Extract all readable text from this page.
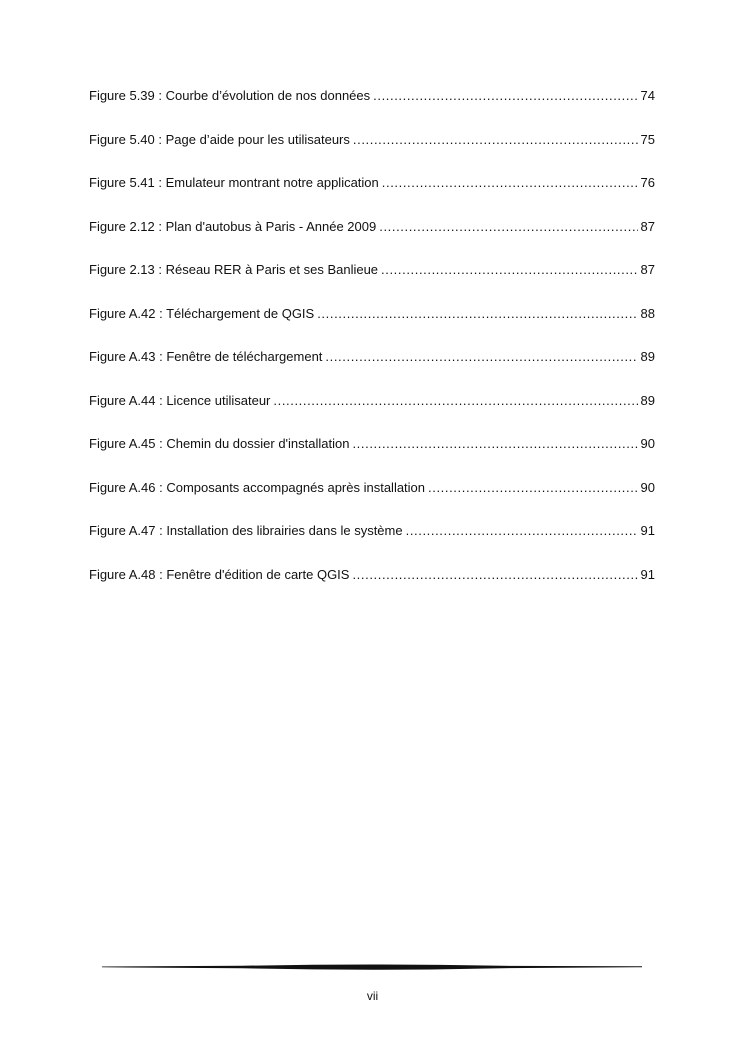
Figure 5.39 : Courbe d’évolution de nos données .....	74
Figure 5.40 : Page d’aide pour les utilisateurs .....	75
Figure 5.41 : Emulateur montrant notre application .....	76
Figure 2.12 : Plan d'autobus à Paris - Année 2009 .....	87
Figure 2.13 : Réseau RER à Paris et ses Banlieue .....	87
Figure A.42 : Téléchargement de QGIS .....	88
Figure A.43 : Fenêtre de téléchargement .....	89
Figure A.44 : Licence utilisateur .....	89
Figure A.45 : Chemin du dossier d'installation .....	90
Figure A.46 : Composants accompagnés après installation .....	90
Figure A.47 : Installation des librairies dans le système .....	91
Figure A.48 : Fenêtre d'édition de carte QGIS .....	91
vii
